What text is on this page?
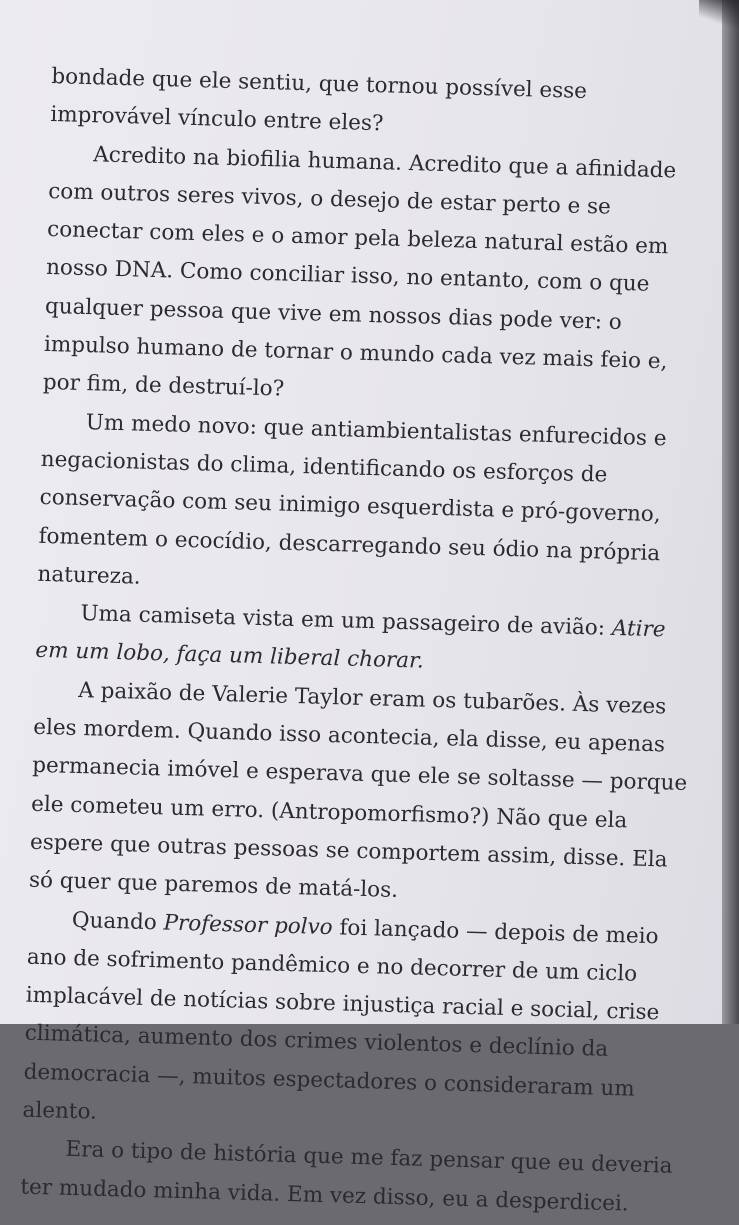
bondade que ele sentiu, que tornou possível esse improvável vínculo entre eles?

Acredito na biofilia humana. Acredito que a afinidade com outros seres vivos, o desejo de estar perto e se conectar com eles e o amor pela beleza natural estão em nosso DNA. Como conciliar isso, no entanto, com o que qualquer pessoa que vive em nossos dias pode ver: o impulso humano de tornar o mundo cada vez mais feio e, por fim, de destruí-lo?

Um medo novo: que antiambientalistas enfurecidos e negacionistas do clima, identificando os esforços de conservação com seu inimigo esquerdista e pró-governo, fomentem o ecocídio, descarregando seu ódio na própria natureza.

Uma camiseta vista em um passageiro de avião: Atire em um lobo, faça um liberal chorar.

A paixão de Valerie Taylor eram os tubarões. Às vezes eles mordem. Quando isso acontecia, ela disse, eu apenas permanecia imóvel e esperava que ele se soltasse — porque ele cometeu um erro. (Antropomorfismo?) Não que ela espere que outras pessoas se comportem assim, disse. Ela só quer que paremos de matá-los.

Quando Professor polvo foi lançado — depois de meio ano de sofrimento pandêmico e no decorrer de um ciclo implacável de notícias sobre injustiça racial e social, crise climática, aumento dos crimes violentos e declínio da democracia —, muitos espectadores o consideraram um alento.

Era o tipo de história que me faz pensar que eu deveria ter mudado minha vida. Em vez disso, eu a desperdicei.
